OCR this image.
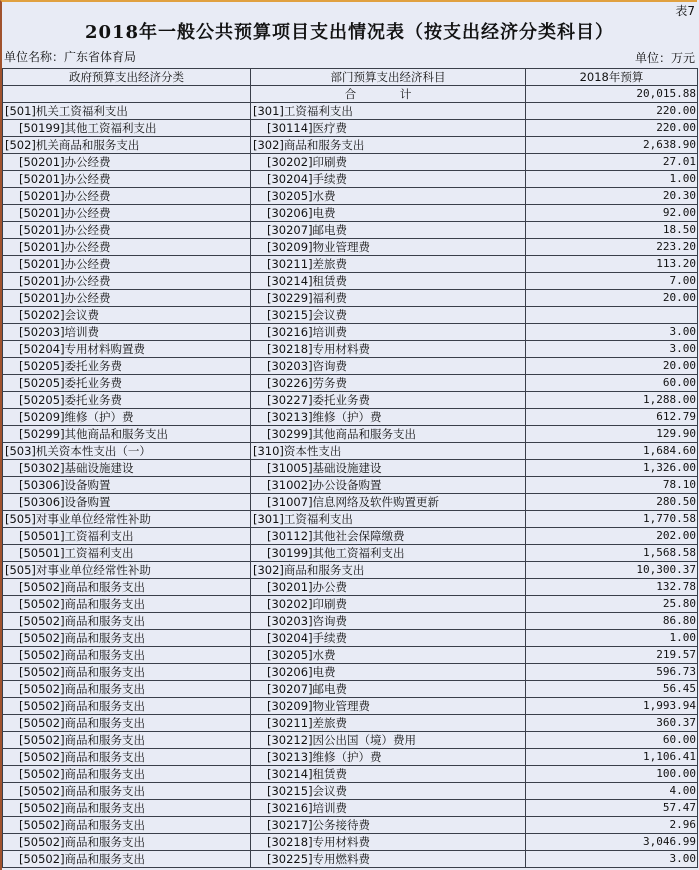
表7
2018年一般公共预算项目支出情况表（按支出经济分类科目）
单位名称：广东省体育局	单位：万元
政府预算支出经济分类	部门预算支出经济科目	2018年预算
	合 计	20,015.88
[501]机关工资福利支出	[301]工资福利支出	220.00
[50199]其他工资福利支出	[30114]医疗费	220.00
[502]机关商品和服务支出	[302]商品和服务支出	2,638.90
[50201]办公经费	[30202]印刷费	27.01
[50201]办公经费	[30204]手续费	1.00
[50201]办公经费	[30205]水费	20.30
[50201]办公经费	[30206]电费	92.00
[50201]办公经费	[30207]邮电费	18.50
[50201]办公经费	[30209]物业管理费	223.20
[50201]办公经费	[30211]差旅费	113.20
[50201]办公经费	[30214]租赁费	7.00
[50201]办公经费	[30229]福利费	20.00
[50202]会议费	[30215]会议费	
[50203]培训费	[30216]培训费	3.00
[50204]专用材料购置费	[30218]专用材料费	3.00
[50205]委托业务费	[30203]咨询费	20.00
[50205]委托业务费	[30226]劳务费	60.00
[50205]委托业务费	[30227]委托业务费	1,288.00
[50209]维修（护）费	[30213]维修（护）费	612.79
[50299]其他商品和服务支出	[30299]其他商品和服务支出	129.90
[503]机关资本性支出（一）	[310]资本性支出	1,684.60
[50302]基础设施建设	[31005]基础设施建设	1,326.00
[50306]设备购置	[31002]办公设备购置	78.10
[50306]设备购置	[31007]信息网络及软件购置更新	280.50
[505]对事业单位经常性补助	[301]工资福利支出	1,770.58
[50501]工资福利支出	[30112]其他社会保障缴费	202.00
[50501]工资福利支出	[30199]其他工资福利支出	1,568.58
[505]对事业单位经常性补助	[302]商品和服务支出	10,300.37
[50502]商品和服务支出	[30201]办公费	132.78
[50502]商品和服务支出	[30202]印刷费	25.80
[50502]商品和服务支出	[30203]咨询费	86.80
[50502]商品和服务支出	[30204]手续费	1.00
[50502]商品和服务支出	[30205]水费	219.57
[50502]商品和服务支出	[30206]电费	596.73
[50502]商品和服务支出	[30207]邮电费	56.45
[50502]商品和服务支出	[30209]物业管理费	1,993.94
[50502]商品和服务支出	[30211]差旅费	360.37
[50502]商品和服务支出	[30212]因公出国（境）费用	60.00
[50502]商品和服务支出	[30213]维修（护）费	1,106.41
[50502]商品和服务支出	[30214]租赁费	100.00
[50502]商品和服务支出	[30215]会议费	4.00
[50502]商品和服务支出	[30216]培训费	57.47
[50502]商品和服务支出	[30217]公务接待费	2.96
[50502]商品和服务支出	[30218]专用材料费	3,046.99
[50502]商品和服务支出	[30225]专用燃料费	3.00
